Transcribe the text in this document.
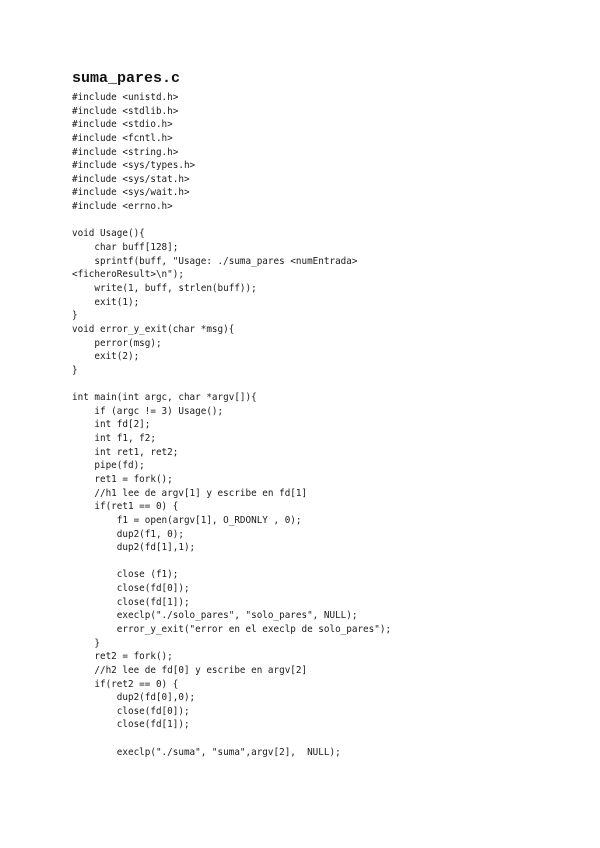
suma_pares.c
#include <unistd.h>
#include <stdlib.h>
#include <stdio.h>
#include <fcntl.h>
#include <string.h>
#include <sys/types.h>
#include <sys/stat.h>
#include <sys/wait.h>
#include <errno.h>
void Usage(){
char buff[128];
sprintf(buff, "Usage: ./suma_pares <numEntrada>
<ficheroResult>\n");
write(1, buff, strlen(buff));
exit(1);
}
void error_y_exit(char *msg){
perror(msg);
exit(2);
}
int main(int argc, char *argv[]){
if (argc != 3) Usage();
int fd[2];
int f1, f2;
int ret1, ret2;
pipe(fd);
ret1 = fork();
//h1 lee de argv[1] y escribe en fd[1]
if(ret1 == 0) {
f1 = open(argv[1], O_RDONLY , 0);
dup2(f1, 0);
dup2(fd[1],1);
close (f1);
close(fd[0]);
close(fd[1]);
execlp("./solo_pares", "solo_pares", NULL);
error_y_exit("error en el execlp de solo_pares");
}
ret2 = fork();
//h2 lee de fd[0] y escribe en argv[2]
if(ret2 == 0) {
dup2(fd[0],0);
close(fd[0]);
close(fd[1]);
execlp("./suma", "suma",argv[2],  NULL);
